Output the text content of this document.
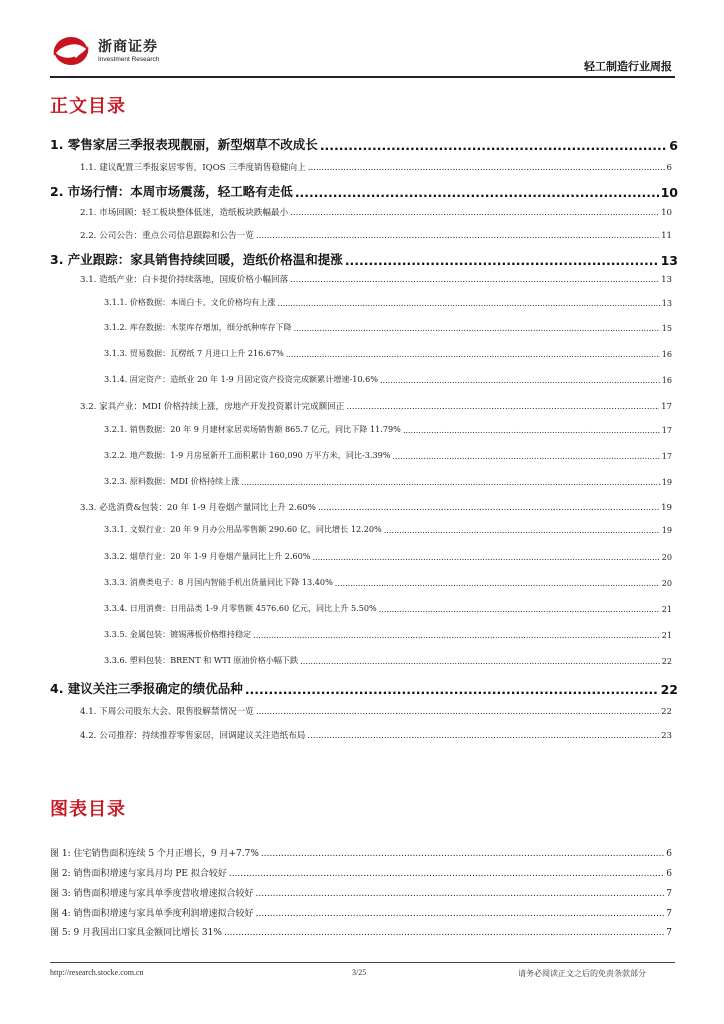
浙商证券
Investment Research
轻工制造行业周报
正文目录
1. 零售家居三季报表现靓丽，新型烟草不改成长 .....	6
1.1. 建议配置三季报家居零售，IQOS 三季度销售稳健向上 .....	6
2. 市场行情：本周市场震荡，轻工略有走低 .....	10
2.1. 市场回顾：轻工板块整体低迷，造纸板块跌幅最小 .....	10
2.2. 公司公告：重点公司信息跟踪和公告一览 .....	11
3. 产业跟踪：家具销售持续回暖，造纸价格温和提涨 .....	13
3.1. 造纸产业：白卡提价持续落地，国废价格小幅回落 .....	13
3.1.1. 价格数据：本周白卡、文化价格均有上涨 .....	13
3.1.2. 库存数据：木浆库存增加，细分纸种库存下降 .....	15
3.1.3. 贸易数据：瓦楞纸 7 月进口上升 216.67% .....	16
3.1.4. 固定资产：造纸业 20 年 1-9 月固定资产投资完成额累计增速-10.6% .....	16
3.2. 家具产业：MDI 价格持续上涨，房地产开发投资累计完成额回正 .....	17
3.2.1. 销售数据：20 年 9 月建材家居卖场销售额 865.7 亿元，同比下降 11.79% .....	17
3.2.2. 地产数据：1-9 月房屋新开工面积累计 160,090 万平方米，同比-3.39% .....	17
3.2.3. 原料数据：MDI 价格持续上涨 .....	19
3.3. 必选消费&包装：20 年 1-9 月卷烟产量同比上升 2.60% .....	19
3.3.1. 文娱行业：20 年 9 月办公用品零售额 290.60 亿，同比增长 12.20% .....	19
3.3.2. 烟草行业：20 年 1-9 月卷烟产量同比上升 2.60% .....	20
3.3.3. 消费类电子：8 月国内智能手机出货量同比下降 13.40% .....	20
3.3.4. 日用消费：日用品类 1-9 月零售额 4576.60 亿元，同比上升 5.50% .....	21
3.3.5. 金属包装：镀锡薄板价格维持稳定 .....	21
3.3.6. 塑料包装：BRENT 和 WTI 原油价格小幅下跌 .....	22
4. 建议关注三季报确定的绩优品种 .....	22
4.1. 下周公司股东大会、限售股解禁情况一览 .....	22
4.2. 公司推荐：持续推荐零售家居，回调建议关注造纸布局 .....	23
图表目录
图 1: 住宅销售面积连续 5 个月正增长，9 月+7.7% .....	6
图 2: 销售面积增速与家具月均 PE 拟合较好 .....	6
图 3: 销售面积增速与家具单季度营收增速拟合较好 .....	7
图 4: 销售面积增速与家具单季度利润增速拟合较好 .....	7
图 5: 9 月我国出口家具金额同比增长 31% .....	7
http://research.stocke.com.cn	3/25	请务必阅读正文之后的免责条款部分
